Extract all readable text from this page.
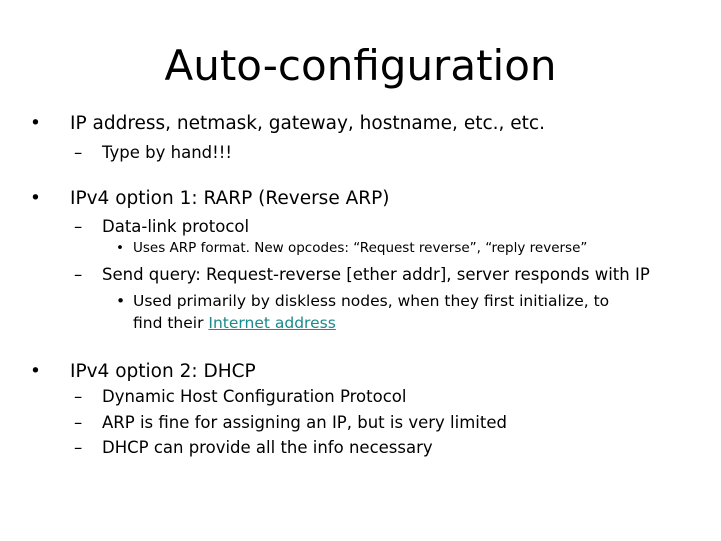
Auto-configuration
• IP address, netmask, gateway, hostname, etc., etc.
– Type by hand!!!
• IPv4 option 1: RARP (Reverse ARP)
– Data-link protocol
• Uses ARP format. New opcodes: “Request reverse”, “reply reverse”
– Send query: Request-reverse [ether addr], server responds with IP
• Used primarily by diskless nodes, when they first initialize, to
find their Internet address
• IPv4 option 2: DHCP
– Dynamic Host Configuration Protocol
– ARP is fine for assigning an IP, but is very limited
– DHCP can provide all the info necessary
